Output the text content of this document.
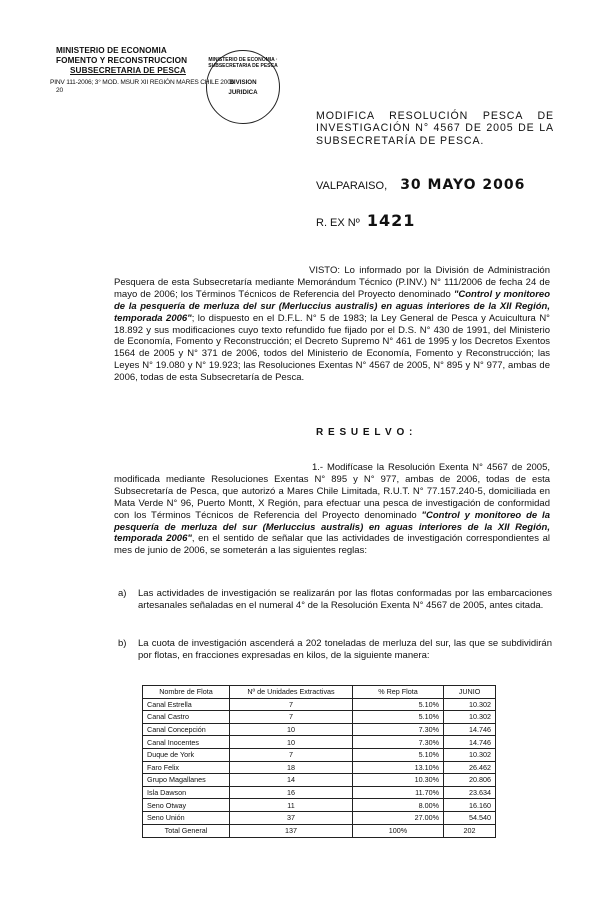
MINISTERIO DE ECONOMIA
FOMENTO Y RECONSTRUCCION
SUBSECRETARIA DE PESCA
PINV 111-2006; 3° MOD. MSUR XII REGIÓN MARES CHILE 2006
20
MINISTERIO DE ECONOMIA · SUBSECRETARIA DE PESCA
DIVISION
JURIDICA
MODIFICA RESOLUCIÓN PESCA DE INVESTIGACIÓN N° 4567 DE 2005 DE LA SUBSECRETARÍA DE PESCA.
VALPARAISO, 30 MAYO 2006
R. EX Nº 1421
VISTO: Lo informado por la División de Administración Pesquera de esta Subsecretaría mediante Memorándum Técnico (P.INV.) N° 111/2006 de fecha 24 de mayo de 2006; los Términos Técnicos de Referencia del Proyecto denominado "Control y monitoreo de la pesquería de merluza del sur (Merluccius australis) en aguas interiores de la XII Región, temporada 2006"; lo dispuesto en el D.F.L. N° 5 de 1983; la Ley General de Pesca y Acuicultura N° 18.892 y sus modificaciones cuyo texto refundido fue fijado por el D.S. N° 430 de 1991, del Ministerio de Economía, Fomento y Reconstrucción; el Decreto Supremo N° 461 de 1995 y los Decretos Exentos 1564 de 2005 y N° 371 de 2006, todos del Ministerio de Economía, Fomento y Reconstrucción; las Leyes N° 19.080 y N° 19.923; las Resoluciones Exentas N° 4567 de 2005, N° 895 y N° 977, ambas de 2006, todas de esta Subsecretaría de Pesca.
R E S U E L V O :
1.- Modifícase la Resolución Exenta N° 4567 de 2005, modificada mediante Resoluciones Exentas N° 895 y N° 977, ambas de 2006, todas de esta Subsecretaría de Pesca, que autorizó a Mares Chile Limitada, R.U.T. N° 77.157.240-5, domiciliada en Mata Verde N° 96, Puerto Montt, X Región, para efectuar una pesca de investigación de conformidad con los Términos Técnicos de Referencia del Proyecto denominado "Control y monitoreo de la pesquería de merluza del sur (Merluccius australis) en aguas interiores de la XII Región, temporada 2006", en el sentido de señalar que las actividades de investigación correspondientes al mes de junio de 2006, se someterán a las siguientes reglas:
a)	Las actividades de investigación se realizarán por las flotas conformadas por las embarcaciones artesanales señaladas en el numeral 4° de la Resolución Exenta N° 4567 de 2005, antes citada.
b)	La cuota de investigación ascenderá a 202 toneladas de merluza del sur, las que se subdividirán por flotas, en fracciones expresadas en kilos, de la siguiente manera:
Nombre de Flota	Nº de Unidades Extractivas	% Rep Flota	JUNIO
Canal Estrella	7	5.10%	10.302
Canal Castro	7	5.10%	10.302
Canal Concepción	10	7.30%	14.746
Canal Inocentes	10	7.30%	14.746
Duque de York	7	5.10%	10.302
Faro Felix	18	13.10%	26.462
Grupo Magallanes	14	10.30%	20.806
Isla Dawson	16	11.70%	23.634
Seno Otway	11	8.00%	16.160
Seno Unión	37	27.00%	54.540
Total General	137	100%	202
